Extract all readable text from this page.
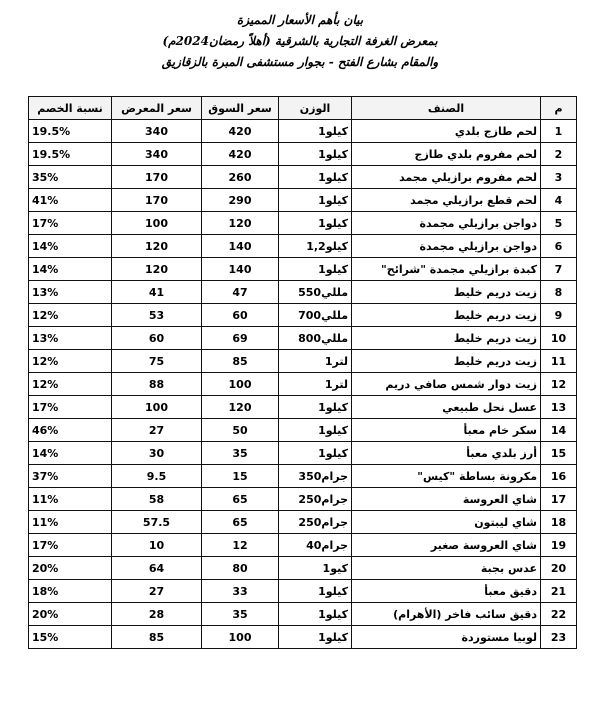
بيان بأهم الأسعار المميزة
بمعرض الغرفة التجارية بالشرقية (أهلاً رمضان2024م)
والمقام بشارع الفتح - بجوار مستشفى المبرة بالزقازيق
م	الصنف	الوزن	سعر السوق	سعر المعرض	نسبة الخصم
1	لحم طازج بلدي	1كيلو	420	340	19.5%
2	لحم مفروم بلدي طازج	1كيلو	420	340	19.5%
3	لحم مفروم برازيلي مجمد	1كيلو	260	170	35%
4	لحم قطع برازيلي مجمد	1كيلو	290	170	41%
5	دواجن برازيلي مجمدة	1كيلو	120	100	17%
6	دواجن برازيلي مجمدة	1,2كيلو	140	120	14%
7	كبدة برازيلي مجمدة "شرائح"	1كيلو	140	120	14%
8	زيت دريم خليط	550مللي	47	41	13%
9	زيت دريم خليط	700مللي	60	53	12%
10	زيت دريم خليط	800مللي	69	60	13%
11	زيت دريم خليط	1لتر	85	75	12%
12	زيت دوار شمس صافي دريم	1لتر	100	88	12%
13	عسل نحل طبيعي	1كيلو	120	100	17%
14	سكر خام معبأ	1كيلو	50	27	46%
15	أرز بلدي معبأ	1كيلو	35	30	14%
16	مكرونة بساطة "كيس"	350جرام	15	9.5	37%
17	شاي العروسة	250جرام	65	58	11%
18	شاي ليبتون	250جرام	65	57.5	11%
19	شاي العروسة صغير	40جرام	12	10	17%
20	عدس بجبة	1كيو	80	64	20%
21	دقيق معبأ	1كيلو	33	27	18%
22	دقيق سائب فاخر (الأهرام)	1كيلو	35	28	20%
23	لوبيا مستوردة	1كيلو	100	85	15%
